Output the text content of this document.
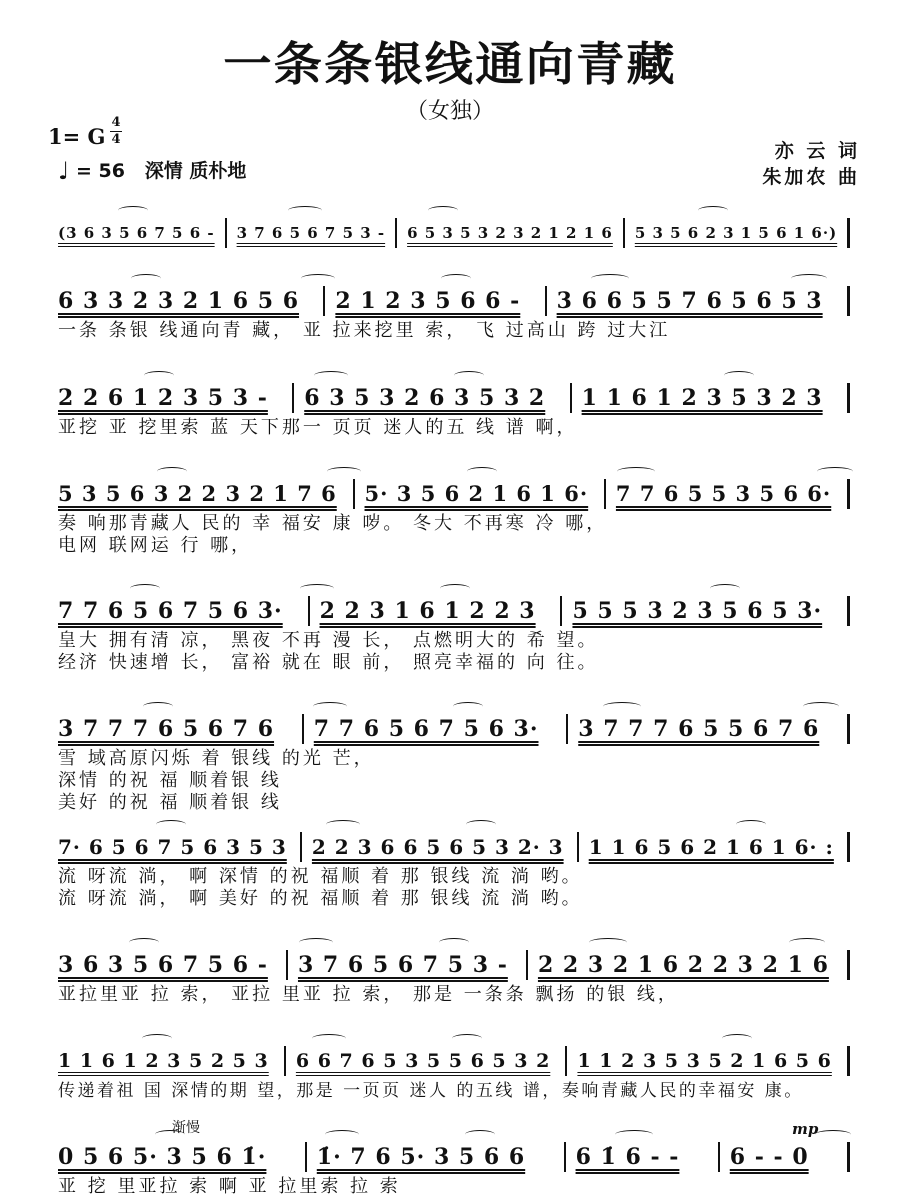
一条条银线通向青藏
（女独）
1= G
4
4
♩ = 56 深情 质朴地
亦 云 词
朱加农 曲
(3 6 3 5 6 7 5 6 - 3 7 6 5 6 7 5 3 - 6 5 3 5 3 2 3 2 1 2 1 6 5 3 5 6 2 3 1 5 6 1 6·)
6 3 3 2 3 2 1 6 5 6	2 1 2 3 5 6 6 -	3 6 6 5 5 7 6 5 6 5 3
一条 条银 线通向青 藏， 亚 拉来挖里 索， 飞 过高山 跨 过大江
2 2 6 1 2 3 5 3 -	6 3 5 3 2 6 3 5 3 2	1 1 6 1 2 3 5 3 2 3
亚挖 亚 挖里索 蓝 天下那一 页页 迷人的五 线 谱 啊，
5 3 5 6 3 2 2 3 2 1 7 6 5· 3 5 6 2 1 6 1 6· 7 7 6 5 5 3 5 6 6·
奏 响那青藏人 民的 幸 福安 康 哕。 冬大 不再寒 冷 哪，
电网 联网运 行 哪，
7 7 6 5 6 7 5 6 3·	2 2 3 1 6 1 2 2 3	5 5 5 3 2 3 5 6 5 3·
皇大 拥有清 凉， 黑夜 不再 漫 长， 点燃明大的 希 望。
经济 快速增 长， 富裕 就在 眼 前， 照亮幸福的 向 往。
3 7 7 7 6 5 6 7 6	7 7 6 5 6 7 5 6 3·	3 7 7 7 6 5 5 6 7 6
雪 域高原闪烁 着 银线 的光 芒，
深情 的祝 福 顺着银 线
美好 的祝 福 顺着银 线
7· 6 5 6 7 5 6 3 5 3 2 2 3 6 6 5 6 5 3 2· 3 1 1 6 5 6 2 1 6 1 6· :
流 呀流 淌， 啊 深情 的祝 福顺 着 那 银线 流 淌 哟。
流 呀流 淌， 啊 美好 的祝 福顺 着 那 银线 流 淌 哟。
3 6 3 5 6 7 5 6 -	3 7 6 5 6 7 5 3 -	2 2 3 2 1 6 2 2 3 2 1 6
亚拉里亚 拉 索， 亚拉 里亚 拉 索， 那是 一条条 飘扬 的银 线，
1 1 6 1 2 3 5 2 5 3 6 6 7 6 5 3 5 5 6 5 3 2 1 1 2 3 5 3 5 2 1 6 5 6
传递着祖 国 深情的期 望，那是 一页页 迷人 的五线 谱，奏响青藏人民的幸福安 康。
0 5 6 5· 3 5 6 1̇·	1̇· 7 6 5· 3 5 6 6	6 1̇ 6 - -	6 - - 0
亚 挖 里亚拉 索 啊 亚 拉里索 拉 索
渐慢	mp
